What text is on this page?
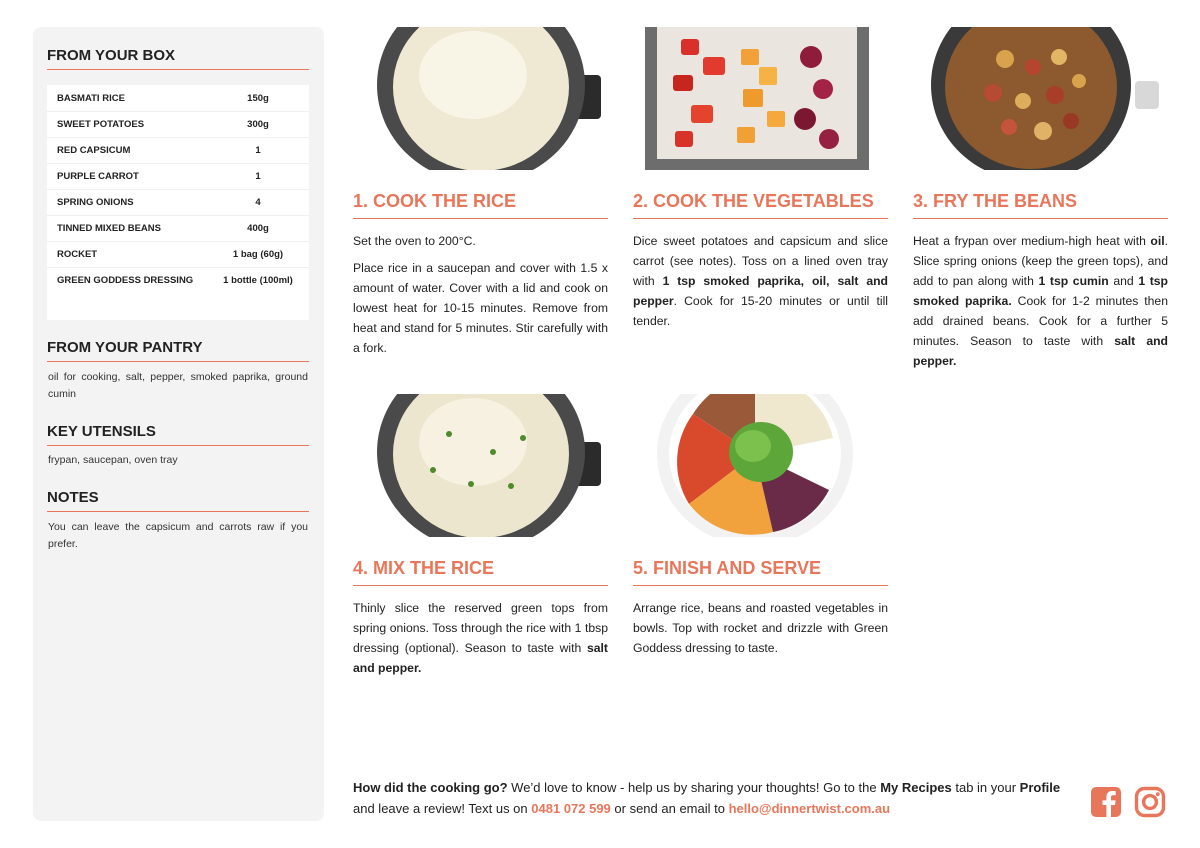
FROM YOUR BOX
BASMATI RICE	150g
SWEET POTATOES	300g
RED CAPSICUM	1
PURPLE CARROT	1
SPRING ONIONS	4
TINNED MIXED BEANS	400g
ROCKET	1 bag (60g)
GREEN GODDESS DRESSING	1 bottle (100ml)
FROM YOUR PANTRY

oil for cooking, salt, pepper, smoked paprika, ground cumin

KEY UTENSILS

frypan, saucepan, oven tray

NOTES

You can leave the capsicum and carrots raw if you prefer.

1. COOK THE RICE

Set the oven to 200°C.

Place rice in a saucepan and cover with 1.5 x amount of water. Cover with a lid and cook on lowest heat for 10-15 minutes. Remove from heat and stand for 5 minutes. Stir carefully with a fork.

2. COOK THE VEGETABLES

Dice sweet potatoes and capsicum and slice carrot (see notes). Toss on a lined oven tray with 1 tsp smoked paprika, oil, salt and pepper. Cook for 15-20 minutes or until till tender.

3. FRY THE BEANS

Heat a frypan over medium-high heat with oil. Slice spring onions (keep the green tops), and add to pan along with 1 tsp cumin and 1 tsp smoked paprika. Cook for 1-2 minutes then add drained beans. Cook for a further 5 minutes. Season to taste with salt and pepper.

4. MIX THE RICE

Thinly slice the reserved green tops from spring onions. Toss through the rice with 1 tbsp dressing (optional). Season to taste with salt and pepper.

5. FINISH AND SERVE

Arrange rice, beans and roasted vegetables in bowls. Top with rocket and drizzle with Green Goddess dressing to taste.

How did the cooking go? We’d love to know - help us by sharing your thoughts! Go to the My Recipes tab in your Profile and leave a review! Text us on 0481 072 599 or send an email to hello@dinnertwist.com.au
